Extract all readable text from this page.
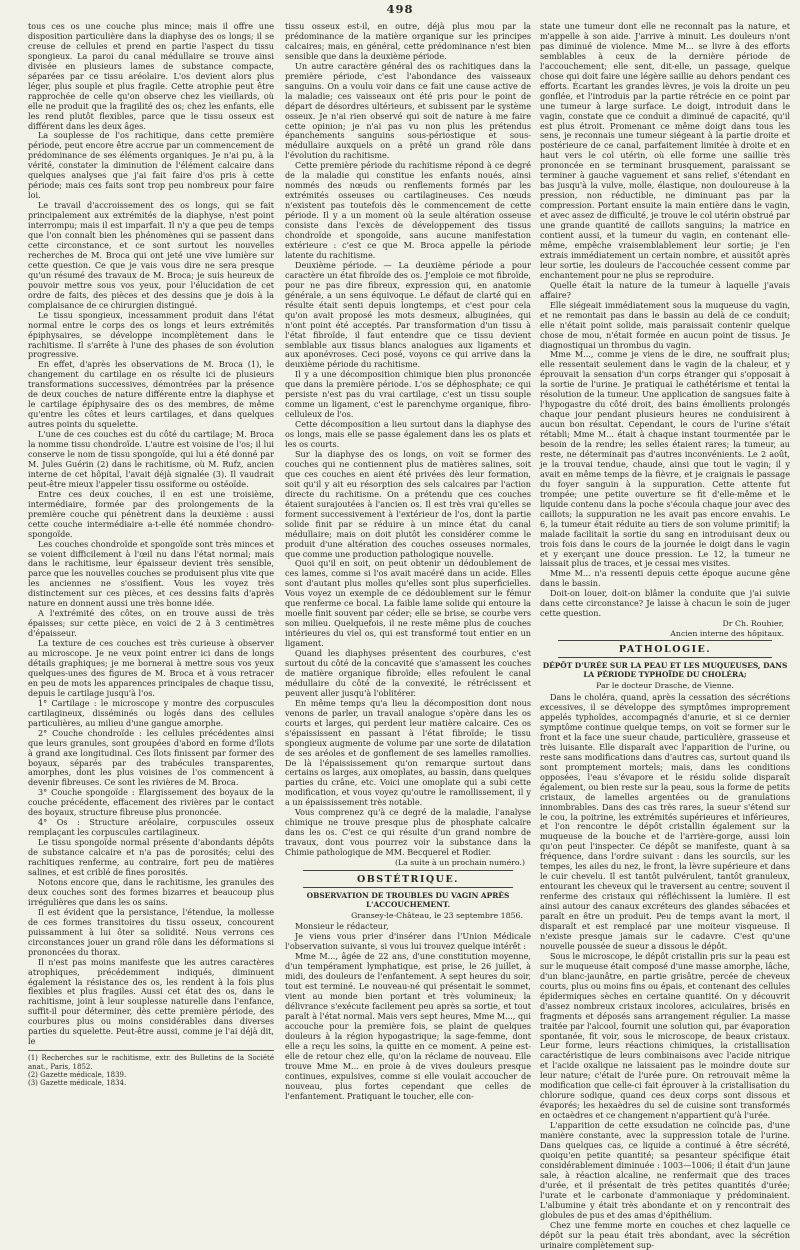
498

tous ces os une couche plus mince; mais il offre une disposition particulière dans la diaphyse des os longs; il se creuse de cellules et prend en partie l'aspect du tissu spongieux. La paroi du canal médullaire se trouve ainsi divisée en plusieurs lames de substance compacte, séparées par ce tissu aréolaire. L'os devient alors plus léger, plus souple et plus fragile. Cette atrophie peut être rapprochée de celle qu'on observe chez les vieillards, où elle ne produit que la fragilité des os; chez les enfants, elle les rend plutôt flexibles, parce que le tissu osseux est différent dans les deux âges.

La souplesse de l'os rachitique, dans cette première période, peut encore être accrue par un commencement de prédominance de ses éléments organiques. Je n'ai pu, à la vérité, constater la diminution de l'élément calcaire dans quelques analyses que j'ai fait faire d'os pris à cette période; mais ces faits sont trop peu nombreux pour faire loi.

Le travail d'accroissement des os longs, qui se fait principalement aux extrémités de la diaphyse, n'est point interrompu; mais il est imparfait. Il n'y a que peu de temps que l'on connaît bien les phénomènes qui se passent dans cette circonstance, et ce sont surtout les nouvelles recherches de M. Broca qui ont jeté une vive lumière sur cette question. Ce que je vais vous dire ne sera presque qu'un résumé des travaux de M. Broca; je suis heureux de pouvoir mettre sous vos yeux, pour l'élucidation de cet ordre de faits, des pièces et des dessins que je dois à la complaisance de ce chirurgien distingué.

Le tissu spongieux, incessamment produit dans l'état normal entre le corps des os longs et leurs extrémités épiphysaires, se développe incomplètement dans le rachitisme. Il s'arrête à l'une des phases de son évolution progressive.

En effet, d'après les observations de M. Broca (1), le changement du cartilage en os résulte ici de plusieurs transformations successives, démontrées par la présence de deux couches de nature différente entre la diaphyse et le cartilage épiphysaire des os des membres, de même qu'entre les côtes et leurs cartilages, et dans quelques autres points du squelette.

L'une de ces couches est du côté du cartilage; M. Broca la nomme tissu chondroïde. L'autre est voisine de l'os; il lui conserve le nom de tissu spongoïde, qui lui a été donné par M. Jules Guérin (2) dans le rachitisme, où M. Rufz, ancien interne de cet hôpital, l'avait déjà signalée (3). Il vaudrait peut-être mieux l'appeler tissu ossiforme ou ostéoïde.

Entre ces deux couches, il en est une troisième, intermédiaire, formée par des prolongements de la première couche qui pénètrent dans la deuxième : aussi cette couche intermédiaire a-t-elle été nommée chondro-spongoïde.

Les couches chondroïde et spongoïde sont très minces et se voient difficilement à l'œil nu dans l'état normal; mais dans le rachitisme, leur épaisseur devient très sensible, parce que les nouvelles couches se produisent plus vite que les anciennes ne s'ossifient. Vous les voyez très distinctement sur ces pièces, et ces dessins faits d'après nature en donnent aussi une très bonne idée.

A l'extrémité des côtes, on en trouve aussi de très épaisses; sur cette pièce, en voici de 2 à 3 centimètres d'épaisseur.

La texture de ces couches est très curieuse à observer au microscope. Je ne veux point entrer ici dans de longs détails graphiques; je me bornerai à mettre sous vos yeux quelques-unes des figures de M. Broca et à vous retracer en peu de mots les apparences principales de chaque tissu, depuis le cartilage jusqu'à l'os.

1° Cartilage : le microscope y montre des corpuscules cartilagineux, disséminés ou logés dans des cellules particulières, au milieu d'une gangue amorphe.

2° Couche chondroïde : les cellules précédentes ainsi que leurs granules, sont groupées d'abord en forme d'îlots à grand axe longitudinal. Ces îlots finissent par former des boyaux, séparés par des trabécules transparentes, amorphes, dont les plus voisines de l'os commencent à devenir fibreuses. Ce sont les rivières de M. Broca.

3° Couche spongoïde : Élargissement des boyaux de la couche précédente, effacement des rivières par le contact des boyaux, structure fibreuse plus prononcée.

4° Os : Structure aréolaire, corpuscules osseux remplaçant les corpuscules cartilagineux.

Le tissu spongoïde normal présente d'abondants dépôts de substance calcaire et n'a pas de porosités; celui des rachitiques renferme, au contraire, fort peu de matières salines, et est criblé de fines porosités.

Notons encore que, dans le rachitisme, les granules des deux couches sont des formes bizarres et beaucoup plus irrégulières que dans les os sains.

Il est évident que la persistance, l'étendue, la mollesse de ces formes transitoires du tissu osseux, concourent puissamment à lui ôter sa solidité. Nous verrons ces circonstances jouer un grand rôle dans les déformations si prononcées du thorax.

Il n'est pas moins manifeste que les autres caractères atrophiques, précédemment indiqués, diminuent également la résistance des os, les rendent à la fois plus flexibles et plus fragiles. Aussi cet état des os, dans le rachitisme, joint à leur souplesse naturelle dans l'enfance, suffit-il pour déterminer, dès cette première période, des courbures plus ou moins considérables dans diverses parties du squelette. Peut-être aussi, comme je l'ai déjà dit, le

(1) Recherches sur le rachitisme, extr. des Bulletins de la Société anat., Paris, 1852.

(2) Gazette médicale, 1839.

(3) Gazette médicale, 1834.

tissu osseux est-il, en outre, déjà plus mou par la prédominance de la matière organique sur les principes calcaires; mais, en général, cette prédominance n'est bien sensible que dans la deuxième période.

Un autre caractère général des os rachitiques dans la première période, c'est l'abondance des vaisseaux sanguins. On a voulu voir dans ce fait une cause active de la maladie; ces vaisseaux ont été pris pour le point de départ de désordres ultérieurs, et subissent par le système osseux. Je n'ai rien observé qui soit de nature à me faire cette opinion; je n'ai pas vu non plus les prétendus épanchements sanguins sous-périostique et sous-médullaire auxquels on a prêté un grand rôle dans l'évolution du rachitisme.

Cette première période du rachitisme répond à ce degré de la maladie qui constitue les enfants noués, ainsi nommés des nœuds ou renflements formés par les extrémités osseuses ou cartilagineuses. Ces nœuds n'existent pas toutefois dès le commencement de cette période. Il y a un moment où la seule altération osseuse consiste dans l'excès de développement des tissus chondroïde et spongoïde, sans aucune manifestation extérieure : c'est ce que M. Broca appelle la période latente du rachitisme.

Deuxième période. — La deuxième période a pour caractère un état fibroïde des os. J'emploie ce mot fibroïde, pour ne pas dire fibreux, expression qui, en anatomie générale, a un sens équivoque. Le défaut de clarté qui en résulte était senti depuis longtemps, et c'est pour cela qu'on avait proposé les mots desmeux, albuginées, qui n'ont point été acceptés. Par transformation d'un tissu à l'état fibroïde, il faut entendre que ce tissu devient semblable aux tissus blancs analogues aux ligaments et aux aponévroses. Ceci posé, voyons ce qui arrive dans la deuxième période du rachitisme.

Il y a une décomposition chimique bien plus prononcée que dans la première période. L'os se déphosphate; ce qui persiste n'est pas du vrai cartilage, c'est un tissu souple comme un ligament, c'est le parenchyme organique, fibro-celluleux de l'os.

Cette décomposition a lieu surtout dans la diaphyse des os longs, mais elle se passe également dans les os plats et les os courts.

Sur la diaphyse des os longs, on voit se former des couches qui ne contiennent plus de matières salines, soit que ces couches en aient été privées dès leur formation, soit qu'il y ait eu résorption des sels calcaires par l'action directe du rachitisme. On a prétendu que ces couches étaient surajoutées à l'ancien os. Il est très vrai qu'elles se forment successivement à l'extérieur de l'os, dont la partie solide finit par se réduire à un mince état du canal médullaire; mais on doit plutôt les considérer comme le produit d'une altération des couches osseuses normales, que comme une production pathologique nouvelle.

Quoi qu'il en soit, on peut obtenir un dédoublement de ces lames, comme si l'os avait macéré dans un acide. Elles sont d'autant plus molles qu'elles sont plus superficielles. Vous voyez un exemple de ce dédoublement sur le fémur que renferme ce bocal. La faible lame solide qui entoure la moelle finit souvent par céder; elle se brise, se courbe vers son milieu. Quelquefois, il ne reste même plus de couches intérieures du viel os, qui est transformé tout entier en un ligament.

Quand les diaphyses présentent des courbures, c'est surtout du côté de la concavité que s'amassent les couches de matière organique fibroïde; elles refoulent le canal médullaire du côté de la convexité, le rétrécissent et peuvent aller jusqu'à l'oblitérer.

En même temps qu'a lieu la décomposition dont nous venons de parler, un travail analogue s'opère dans les os courts et larges, qui perdent leur matière calcaire. Ces os s'épaississent en passant à l'état fibroïde; le tissu spongieux augmente de volume par une sorte de dilatation de ses aréoles et de gonflement de ses lamelles ramollies. De là l'épaississement qu'on remarque surtout dans certains os larges, aux omoplates, au bassin, dans quelques parties du crâne, etc. Voici une omoplate qui a subi cette modification, et vous voyez qu'outre le ramollissement, il y a un épaississement très notable.

Vous comprenez qu'à ce degré de la maladie, l'analyse chimique ne trouve presque plus de phosphate calcaire dans les os. C'est ce qui résulte d'un grand nombre de travaux, dont vous pourrez voir la substance dans la Chimie pathologique de MM. Becquerel et Rodier.

(La suite à un prochain numéro.)
OBSTÉTRIQUE.
OBSERVATION DE TROUBLES DU VAGIN APRÈS L'ACCOUCHEMENT.
Gransey-le-Château, le 23 septembre 1856.

Monsieur le rédacteur,

Je viens vous prier d'insérer dans l'Union Médicale l'observation suivante, si vous lui trouvez quelque intérêt :

Mme M..., âgée de 22 ans, d'une constitution moyenne, d'un tempérament lymphatique, est prise, le 26 juillet, à midi, des douleurs de l'enfantement. A sept heures du soir, tout est terminé. Le nouveau-né qui présentait le sommet, vient au monde bien portant et très volumineux; la délivrance s'exécute facilement peu après sa sortie, et tout paraît à l'état normal. Mais vers sept heures, Mme M..., qui accouche pour la première fois, se plaint de quelques douleurs à la région hypogastrique; la sage-femme, dont elle a reçu les soins, la quitte en ce moment. A peine est-elle de retour chez elle, qu'on la réclame de nouveau. Elle trouve Mme M... en proie à de vives douleurs presque continues, expulsives, comme si elle voulait accoucher de nouveau, plus fortes cependant que celles de l'enfantement. Pratiquant le toucher, elle con-

state une tumeur dont elle ne reconnaît pas la nature, et m'appelle à son aide. J'arrive à minuit. Les douleurs n'ont pas diminué de violence. Mme M... se livre à des efforts semblables à ceux de la dernière période de l'accouchement; elle sent, dit-elle, un passage, quelque chose qui doit faire une légère saillie au dehors pendant ces efforts. Écartant les grandes lèvres, je vois la droite un peu gonflée, et l'introduis par la partie rétrécie en ce point par une tumeur à large surface. Le doigt, introduit dans le vagin, constate que ce conduit a diminué de capacité, qu'il est plus étroit. Promenant ce même doigt dans tous les sens, je reconnais une tumeur siégeant à la partie droite et postérieure de ce canal, parfaitement limitée à droite et en haut vers le col utérin, où elle forme une saillie très prononcée en se terminant brusquement, paraissant se terminer à gauche vaguement et sans relief, s'étendant en bas jusqu'à la vulve, molle, élastique, non douloureuse à la pression, non réductible, ne diminuant pas par la compression. Portant ensuite la main entière dans le vagin, et avec assez de difficulté, je trouve le col utérin obstrué par une grande quantité de caillots sanguins; la matrice en contient aussi, et la tumeur du vagin, en contenant elle-même, empêche vraisemblablement leur sortie; je l'en extrais immédiatement un certain nombre, et aussitôt après leur sortie, les douleurs de l'accouchée cessent comme par enchantement pour ne plus se reproduire.

Quelle était la nature de la tumeur à laquelle j'avais affaire?

Elle siégeait immédiatement sous la muqueuse du vagin, et ne remontait pas dans le bassin au delà de ce conduit; elle n'était point solide, mais paraissait contenir quelque chose de mou, n'était formée en aucun point de tissus. Je diagnostiquai un thrombus du vagin.

Mme M..., comme je viens de le dire, ne souffrait plus; elle ressentait seulement dans le vagin de la chaleur, et y éprouvait la sensation d'un corps étranger qui s'opposait à la sortie de l'urine. Je pratiquai le cathétérisme et tentai la résolution de la tumeur. Une application de sangsues faite à l'hypogastre du côté droit, des bains émollients prolongés chaque jour pendant plusieurs heures ne conduisirent à aucun bon résultat. Cependant, le cours de l'urine s'était rétabli; Mme M... était à chaque instant tourmentée par le besoin de la rendre; les selles étaient rares; la tumeur, au reste, ne déterminait pas d'autres inconvénients. Le 2 août, je la trouvai tendue, chaude, ainsi que tout le vagin; il y avait en même temps de la fièvre, et je craignais le passage du foyer sanguin à la suppuration. Cette attente fut trompée; une petite ouverture se fit d'elle-même et le liquide contenu dans la poche s'écoula chaque jour avec des caillots; la suppuration ne les avait pas encore envahis. Le 6, la tumeur était réduite au tiers de son volume primitif; la malade facilitait la sortie du sang en introduisant deux ou trois fois dans le cours de la journée le doigt dans le vagin et y exerçant une douce pression. Le 12, la tumeur ne laissait plus de traces, et je cessai mes visites.

Mme M... n'a ressenti depuis cette époque aucune gêne dans le bassin.

Doit-on louer, doit-on blâmer la conduite que j'ai suivie dans cette circonstance? Je laisse à chacun le soin de juger cette question.

Dr Ch. Rouhier,
Ancien interne des hôpitaux.
PATHOLOGIE.
DÉPÔT D'URÉE SUR LA PEAU ET LES MUQUEUSES, DANS LA PÉRIODE TYPHOÏDE DU CHOLÉRA;
Par le docteur Drasche, de Vienne.

Dans le choléra, quand, après la cessation des sécrétions excessives, il se développe des symptômes improprement appelés typhoïdes, accompagnés d'anurie, et si ce dernier symptôme continue quelque temps, on voit se former sur le front et la face une sueur chaude, particulière, grasseuse et très luisante. Elle disparaît avec l'apparition de l'urine, ou reste sans modifications dans d'autres cas, surtout quand ils sont promptement mortels; mais, dans les conditions opposées, l'eau s'évapore et le résidu solide disparaît également, ou bien reste sur la peau, sous la forme de petits cristaux, de lamelles argentées ou de granulations innombrables. Dans des cas très rares, la sueur s'étend sur le cou, la poitrine, les extrémités supérieures et inférieures, et l'on rencontre le dépôt cristallin également sur la muqueuse de la bouche et de l'arrière-gorge, aussi loin qu'on peut l'inspecter. Ce dépôt se manifeste, quant à sa fréquence, dans l'ordre suivant : dans les sourcils, sur les tempes, les ailes du nez, le front, la lèvre supérieure et dans le cuir chevelu. Il est tantôt pulvérulent, tantôt granuleux, entourant les cheveux qui le traversent au centre; souvent il renferme des cristaux qui réfléchissent la lumière. Il est ainsi autour des canaux excréteurs des glandes sébacées et paraît en être un produit. Peu de temps avant la mort, il disparaît et est remplacé par une moiteur visqueuse. Il n'existe presque jamais sur le cadavre. C'est qu'une nouvelle poussée de sueur a dissous le dépôt.

Sous le microscope, le dépôt cristallin pris sur la peau est sur le muqueuse était composé d'une masse amorphe, lâche, d'un blanc-jaunâtre, en partie grisâtre, percée de cheveux courts, plus ou moins fins ou épais, et contenant des cellules épidermiques sèches en certaine quantité. On y découvrit d'assez nombreux cristaux incolores, aciculaires, brisés en fragments et déposés sans arrangement régulier. La masse traitée par l'alcool, fournit une solution qui, par évaporation spontanée, fit voir, sous le microscope, de beaux cristaux. Leur forme, leurs réactions chimiques, la cristallisation caractéristique de leurs combinaisons avec l'acide nitrique et l'acide oxalique ne laissaient pas le moindre doute sur leur nature; c'était de l'urée pure. On retrouvait même la modification que celle-ci fait éprouver à la cristallisation du chlorure sodique, quand ces deux corps sont dissous et évaporés; les hexaèdres du sel de cuisine sont transformés en octaèdres et ce changement n'appartient qu'à l'urée.

L'apparition de cette exsudation ne coïncide pas, d'une manière constante, avec la suppression totale de l'urine. Dans quelques cas, ce liquide a continué à être sécrété, quoiqu'en petite quantité; sa pesanteur spécifique était considérablement diminuée : 1003—1006; il était d'un jaune sale, à réaction alcaline, ne renfermait que des traces d'urée, et il présentait de très petites quantités d'urée; l'urate et le carbonate d'ammoniaque y prédominaient. L'albumine y était très abondante et on y rencontrait des globules de pus et des amas d'épithélium.

Chez une femme morte en couches et chez laquelle ce dépôt sur la peau était très abondant, avec la sécrétion urinaire complètement sup-
